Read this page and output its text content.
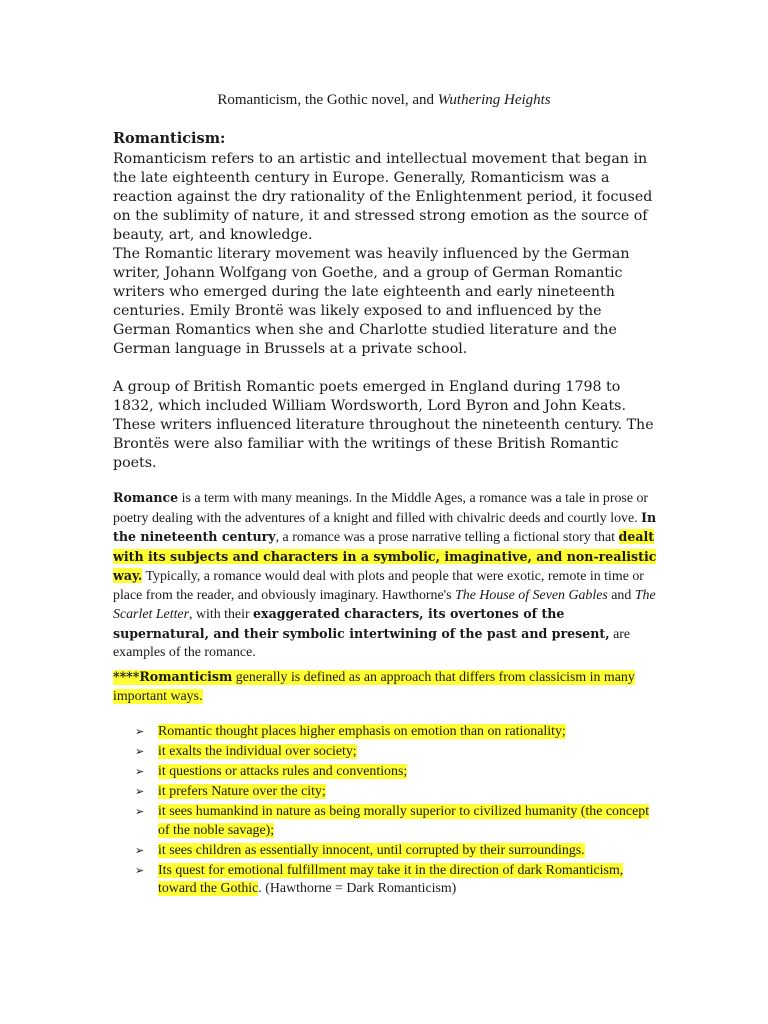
Romanticism, the Gothic novel, and Wuthering Heights
Romanticism:
Romanticism refers to an artistic and intellectual movement that began in the late eighteenth century in Europe. Generally, Romanticism was a reaction against the dry rationality of the Enlightenment period, it focused on the sublimity of nature, it and stressed strong emotion as the source of beauty, art, and knowledge.
The Romantic literary movement was heavily influenced by the German writer, Johann Wolfgang von Goethe, and a group of German Romantic writers who emerged during the late eighteenth and early nineteenth centuries. Emily Brontë was likely exposed to and influenced by the German Romantics when she and Charlotte studied literature and the German language in Brussels at a private school.
A group of British Romantic poets emerged in England during 1798 to 1832, which included William Wordsworth, Lord Byron and John Keats. These writers influenced literature throughout the nineteenth century. The Brontës were also familiar with the writings of these British Romantic poets.
Romance is a term with many meanings. In the Middle Ages, a romance was a tale in prose or poetry dealing with the adventures of a knight and filled with chivalric deeds and courtly love. In the nineteenth century, a romance was a prose narrative telling a fictional story that dealt with its subjects and characters in a symbolic, imaginative, and non-realistic way. Typically, a romance would deal with plots and people that were exotic, remote in time or place from the reader, and obviously imaginary. Hawthorne's The House of Seven Gables and The Scarlet Letter, with their exaggerated characters, its overtones of the supernatural, and their symbolic intertwining of the past and present, are examples of the romance.
****Romanticism generally is defined as an approach that differs from classicism in many important ways.
➢ Romantic thought places higher emphasis on emotion than on rationality;
➢ it exalts the individual over society;
➢ it questions or attacks rules and conventions;
➢ it prefers Nature over the city;
➢ it sees humankind in nature as being morally superior to civilized humanity (the concept of the noble savage);
➢ it sees children as essentially innocent, until corrupted by their surroundings.
➢ Its quest for emotional fulfillment may take it in the direction of dark Romanticism, toward the Gothic. (Hawthorne = Dark Romanticism)
